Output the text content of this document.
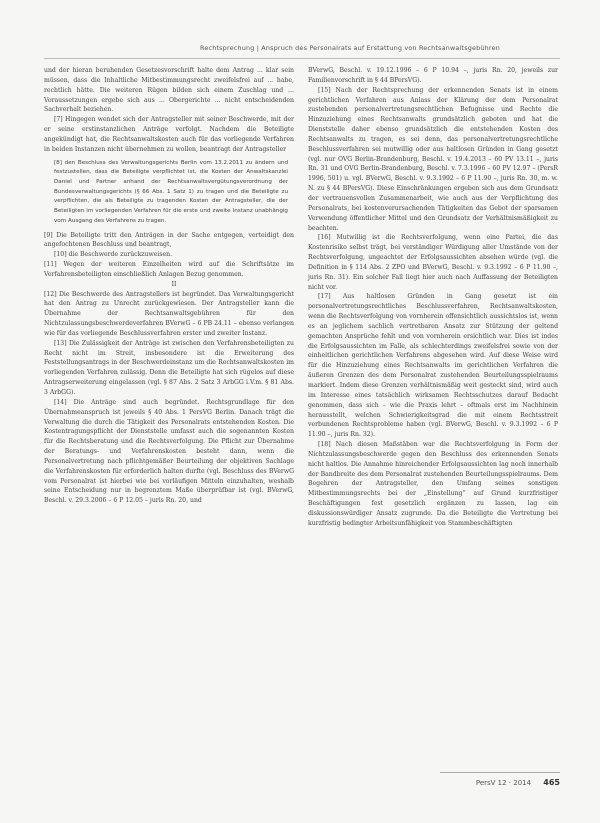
Rechtsprechung | Anspruch des Personalrats auf Erstattung von Rechtsanwaltsgebühren

und der hieran beruhenden Gesetzesvorschrift halte dem Antrag ... klar sein müssen, dass die Inhaltliche Mitbestimmungsrecht zweifelsfrei auf ... habe, rechtlich hätte. Die weiteren Rügen bilden sich einem Zuschlag und ... Voraussetzungen ergebe sich aus ... Obergerichte ... nicht entscheidenden Sachverhalt beziehen.

[7] Hingegen wendet sich der Antragsteller mit seiner Beschwerde, mit der er seine erstinstanzlichen Anträge verfolgt. Nachdem die Beteiligte angekündigt hat, die Rechtsanwaltskosten auch für das vorliegende Verfahren in beiden Instanzen nicht übernehmen zu wollen, beantragt der Antragsteller

[8] den Beschluss des Verwaltungsgerichts Berlin vom 13.2.2011 zu ändern und festzustellen, dass die Beteiligte verpflichtet ist, die Kosten der Anwaltskanzlei Daniel und Partner anhand der Rechtsanwaltsvergütungsverordnung der Bundesverwaltungsgerichts (§ 66 Abs. 1 Satz 1) zu tragen und die Beteiligte zu verpflichten, die als Beteiligte zu tragenden Kosten der Antragsteller, die der Beteiligten im vorliegenden Verfahren für die erste und zweite Instanz unabhängig vom Ausgang des Verfahrens zu tragen.

[9] Die Beteiligte tritt den Anträgen in der Sache entgegen, verteidigt den angefochtenen Beschluss und beantragt,

[10] die Beschwerde zurückzuweisen.

[11] Wegen der weiteren Einzelheiten wird auf die Schriftsätze im Verfahrensbeteiligten einschließlich Anlagen Bezug genommen.

II

[12] Die Beschwerde des Antragstellers ist begründet. Das Verwaltungsgericht hat den Antrag zu Unrecht zurückgewiesen. Der Antragsteller kann die Übernahme der Rechtsanwaltsgebühren für den Nichtzulassungsbeschwerdeverfahren BVerwG – 6 PB 24.11 – ebenso verlangen wie für das vorliegende Beschlussverfahren erster und zweiter Instanz.

[13] Die Zulässigkeit der Anträge ist zwischen den Verfahrensbeteiligten zu Recht nicht im Streit, insbesondere ist die Erweiterung des Feststellungsantrags in der Beschwerdeinstanz um die Rechtsanwaltskosten im vorliegenden Verfahren zulässig. Denn die Beteiligte hat sich rügelos auf diese Antragserweiterung eingelassen (vgl. § 87 Abs. 2 Satz 3 ArbGG i.V.m. § 81 Abs. 3 ArbGG).

[14] Die Anträge sind auch begründet. Rechtsgrundlage für den Übernahmeanspruch ist jeweils § 40 Abs. 1 PersVG Berlin. Danach trägt die Verwaltung die durch die Tätigkeit des Personalrats entstehenden Kosten. Die Kostentragungspflicht der Dienststelle umfasst auch die sogenannten Kosten für die Rechtsberatung und die Rechtsverfolgung. Die Pflicht zur Übernahme der Beratungs- und Verfahrenskosten besteht dann, wenn die Personalvertretung nach pflichtgemäßer Beurteilung der objektiven Sachlage die Verfahrenskosten für erforderlich halten durfte (vgl. Beschluss des BVerwG vom Personalrat ist hierbei wie bei vorläufigen Mitteln einzuhalten, weshalb seine Entscheidung nur in begrenztem Maße überprüfbar ist (vgl. BVerwG, Beschl. v. 29.3.2006 – 6 P 12.05 – juris Rn. 20, und

BVerwG, Beschl. v. 19.12.1996 – 6 P 10.94 –, juris Rn. 20, jeweils zur Familienvorschrift in § 44 BPersVG).

[15] Nach der Rechtsprechung der erkennenden Senats ist in einem gerichtlichen Verfahren aus Anlass der Klärung der dem Personalrat zustehenden personalvertretungsrechtlichen Befugnisse und Rechte die Hinzuziehung eines Rechtsanwalts grundsätzlich geboten und hat die Dienststelle daher ebenso grundsätzlich die entstehenden Kosten des Rechtsanwalts zu tragen, es sei denn, das personalvertretungsrechtliche Beschlussverfahren sei mutwillig oder aus haltlosen Gründen in Gang gesetzt (vgl. nur OVG Berlin-Brandenburg, Beschl. v. 19.4.2013 – 60 PV 13.11 –, juris Rn. 31 und OVG Berlin-Brandenburg, Beschl. v. 7.3.1996 – 60 PV 12.97 – (PersR 1996, 501) u. vgl. BVerwG, Beschl. v. 9.3.1992 – 6 P 11.90 –, juris Rn. 30, m. w. N. zu § 44 BPersVG). Diese Einschränkungen ergeben sich aus dem Grundsatz der vertrauensvollen Zusammenarbeit, wie auch aus der Verpflichtung des Personalrats, bei kostenverursachenden Tätigkeiten das Gebot der sparsamen Verwendung öffentlicher Mittel und den Grundsatz der Verhältnismäßigkeit zu beachten.

[16] Mutwillig ist die Rechtsverfolgung, wenn eine Partei, die das Kostenrisiko selbst trägt, bei verständiger Würdigung aller Umstände von der Rechtsverfolgung, ungeachtet der Erfolgsaussichten absehen würde (vgl. die Definition in § 114 Abs. 2 ZPO und BVerwG, Beschl. v. 9.3.1992 – 6 P 11.90 –, juris Rn. 31). Ein solcher Fall liegt hier auch nach Auffassung der Beteiligten nicht vor.

[17] Aus haltlosen Gründen in Gang gesetzt ist ein personalvertretungsrechtliches Beschlussverfahren, Rechtsanwaltskosten, wenn die Rechtsverfolgung von vornherein offensichtlich aussichtslos ist, wenn es an jeglichem sachlich vertretbaren Ansatz zur Stützung der geltend gemachten Ansprüche fehlt und von vornherein ersichtlich war. Dies ist indes die Erfolgsaussichten im Falle, als schlechterdings zweifelsfrei sowie von der einheitlichen gerichtlichen Verfahrens abgesehen wird. Auf diese Weise wird für die Hinzuziehung eines Rechtsanwalts im gerichtlichen Verfahren die äußeren Grenzen des dem Personalrat zustehenden Beurteilungsspielraums markiert. Indem diese Grenzen verhältnismäßig weit gesteckt sind, wird auch im Interesse eines tatsächlich wirksamen Rechtsschutzes darauf Bedacht genommen, dass sich – wie die Praxis lehrt – oftmals erst im Nachhinein herausstellt, welchen Schwierigkeitsgrad die mit einem Rechtsstreit verbundenen Rechtsprobleme haben (vgl. BVerwG, Beschl. v. 9.3.1992 – 6 P 11.90 –, juris Rn. 32).

[18] Nach diesen Maßstäben war die Rechtsverfolgung in Form der Nichtzulassungsbeschwerde gegen den Beschluss des erkennenden Senats nicht haltlos. Die Annahme hinreichender Erfolgsaussichten lag noch innerhalb der Bandbreite des dem Personalrat zustehenden Beurteilungsspielraums. Dem Begehren der Antragsteller, den Umfang seines sonstigen Mitbestimmungsrechts bei der „Einstellung“ auf Grund kurzfristiger Beschäftigungen fest gesetzlich ergänzen zu lassen, lag ein diskussionswürdiger Ansatz zugrunde. Da die Beteiligte die Vertretung bei kurzfristig bedingter Arbeitsunfähigkeit von Stammbeschäftigten

PersV 12 · 2014 465
